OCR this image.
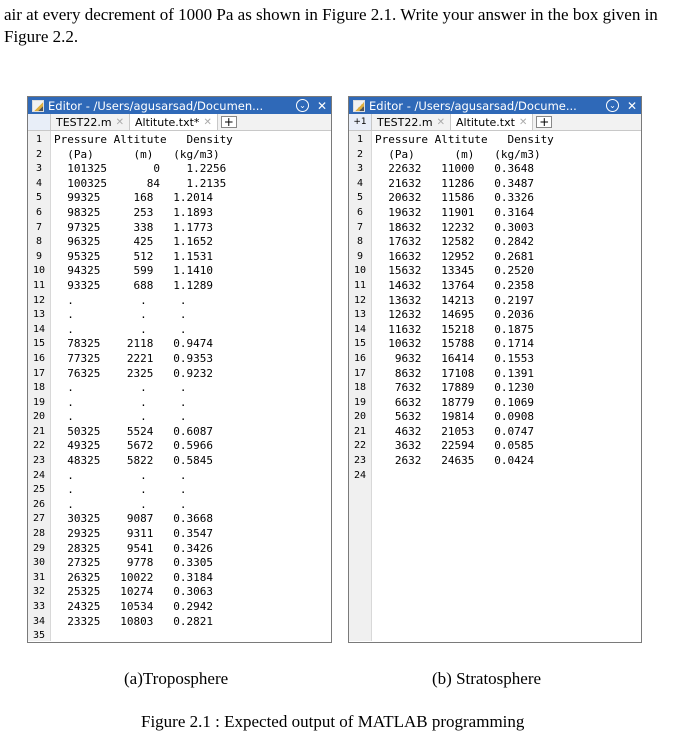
air at every decrement of 1000 Pa as shown in Figure 2.1. Write your answer in the box given in Figure 2.2.

Editor - /Users/agusarsad/Documen...	⌄ ✕
TEST22.m ✕ Altitute.txt* ✕ +
1	Pressure Altitute   Density
2	(Pa)      (m)   (kg/m3)
3	101325       0    1.2256
4	100325      84    1.2135
5	99325     168   1.2014
6	98325     253   1.1893
7	97325     338   1.1773
8	96325     425   1.1652
9	95325     512   1.1531
10 94325     599   1.1410
11 93325     688   1.1289
12 .          .     .
13 .          .     .
14 .          .     .
15 78325    2118   0.9474
16 77325    2221   0.9353
17 76325    2325   0.9232
18 .          .     .
19 .          .     .
20 .          .     .
21 50325    5524   0.6087
22 49325    5672   0.5966
23 48325    5822   0.5845
24 .          .     .
25 .          .     .
26 .          .     .
27 30325    9087   0.3668
28 29325    9311   0.3547
29 28325    9541   0.3426
30 27325    9778   0.3305
31 26325   10022   0.3184
32 25325   10274   0.3063
33 24325   10534   0.2942
34 23325   10803   0.2821
35
Editor - /Users/agusarsad/Docume...	⌄ ✕
+1 TEST22.m ✕ Altitute.txt ✕ +
1	Pressure Altitute   Density
2	(Pa)      (m)   (kg/m3)
3	22632   11000   0.3648
4	21632   11286   0.3487
5	20632   11586   0.3326
6	19632   11901   0.3164
7	18632   12232   0.3003
8	17632   12582   0.2842
9	16632   12952   0.2681
10 15632   13345   0.2520
11 14632   13764   0.2358
12 13632   14213   0.2197
13 12632   14695   0.2036
14 11632   15218   0.1875
15 10632   15788   0.1714
16 9632   16414   0.1553
17 8632   17108   0.1391
18 7632   17889   0.1230
19 6632   18779   0.1069
20 5632   19814   0.0908
21 4632   21053   0.0747
22 3632   22594   0.0585
23 2632   24635   0.0424
24
(a)Troposphere	(b) Stratosphere
Figure 2.1 : Expected output of MATLAB programming
